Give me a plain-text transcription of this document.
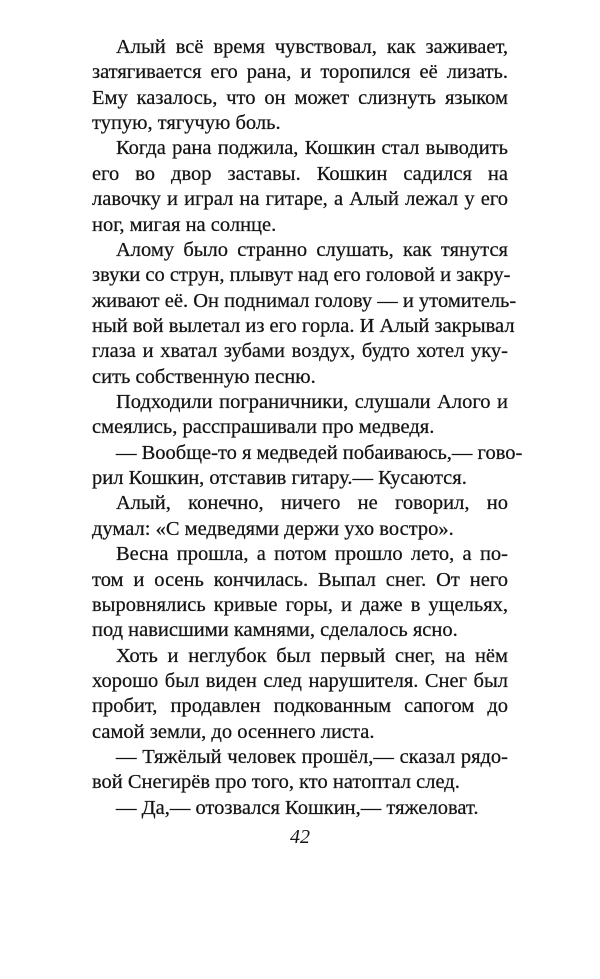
Алый всё время чувствовал, как заживает,
затягивается его рана, и торопился её лизать.
Ему казалось, что он может слизнуть языком
тупую, тягучую боль.
Когда рана поджила, Кошкин стал выводить
его во двор заставы. Кошкин садился на
лавочку и играл на гитаре, а Алый лежал у его
ног, мигая на солнце.
Алому было странно слушать, как тянутся
звуки со струн, плывут над его головой и закру-
живают её. Он поднимал голову — и утомитель-
ный вой вылетал из его горла. И Алый закрывал
глаза и хватал зубами воздух, будто хотел уку-
сить собственную песню.
Подходили пограничники, слушали Алого и
смеялись, расспрашивали про медведя.
— Вообще-то я медведей побаиваюсь,— гово-
рил Кошкин, отставив гитару.— Кусаются.
Алый, конечно, ничего не говорил, но
думал: «С медведями держи ухо востро».
Весна прошла, а потом прошло лето, а по-
том и осень кончилась. Выпал снег. От него
выровнялись кривые горы, и даже в ущельях,
под нависшими камнями, сделалось ясно.
Хоть и неглубок был первый снег, на нём
хорошо был виден след нарушителя. Снег был
пробит, продавлен подкованным сапогом до
самой земли, до осеннего листа.
— Тяжёлый человек прошёл,— сказал рядо-
вой Снегирёв про того, кто натоптал след.
— Да,— отозвался Кошкин,— тяжеловат.
42
